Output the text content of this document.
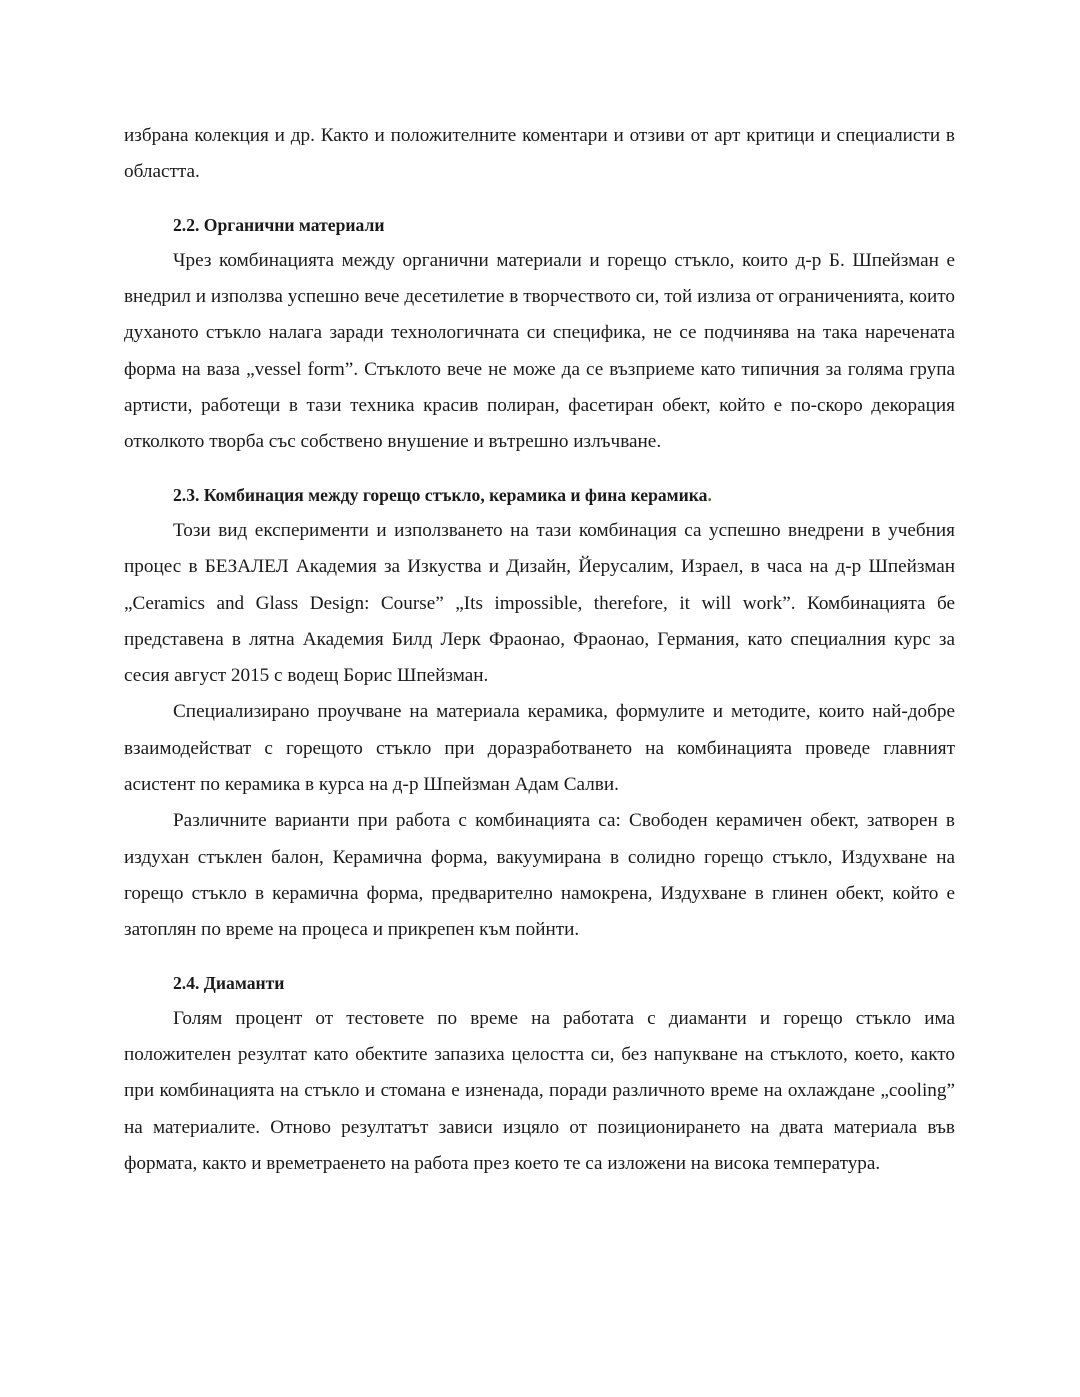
избрана колекция и др. Както и положителните коментари и отзиви от арт критици и специалисти в областта.

2.2. Органични материали

Чрез комбинацията между органични материали и горещо стъкло, които д-р Б. Шпейзман е внедрил и използва успешно вече десетилетие в творчеството си, той излиза от ограниченията, които духаното стъкло налага заради технологичната си специфика, не се подчинява на така наречената форма на ваза „vessel form”. Стъклото вече не може да се възприеме като типичния за голяма група артисти, работещи в тази техника красив полиран, фасетиран обект, който е по-скоро декорация отколкото творба със собствено внушение и вътрешно излъчване.

2.3. Комбинация между горещо стъкло, керамика и фина керамика.

Този вид експерименти и използването на тази комбинация са успешно внедрени в учебния процес в БЕЗАЛЕЛ Академия за Изкуства и Дизайн, Йерусалим, Израел, в часа на д-р Шпейзман „Ceramics and Glass Design: Course” „Its impossible, therefore, it will work”. Комбинацията бе представена в лятна Академия Билд Лерк Фраонао, Фраонао, Германия, като специалния курс за сесия август 2015 с водещ Борис Шпейзман.

Специализирано проучване на материала керамика, формулите и методите, които най-добре взаимодействат с горещото стъкло при доразработването на комбинацията проведе главният асистент по керамика в курса на д-р Шпейзман Адам Салви.

Различните варианти при работа с комбинацията са: Свободен керамичен обект, затворен в издухан стъклен балон, Керамична форма, вакуумирана в солидно горещо стъкло, Издухване на горещо стъкло в керамична форма, предварително намокрена, Издухване в глинен обект, който е затоплян по време на процеса и прикрепен към пойнти.

2.4. Диаманти

Голям процент от тестовете по време на работата с диаманти и горещо стъкло има положителен резултат като обектите запазиха целостта си, без напукване на стъклото, което, както при комбинацията на стъкло и стомана е изненада, поради различното време на охлаждане „cooling” на материалите. Отново резултатът зависи изцяло от позиционирането на двата материала във формата, както и времетраенето на работа през което те са изложени на висока температура.
